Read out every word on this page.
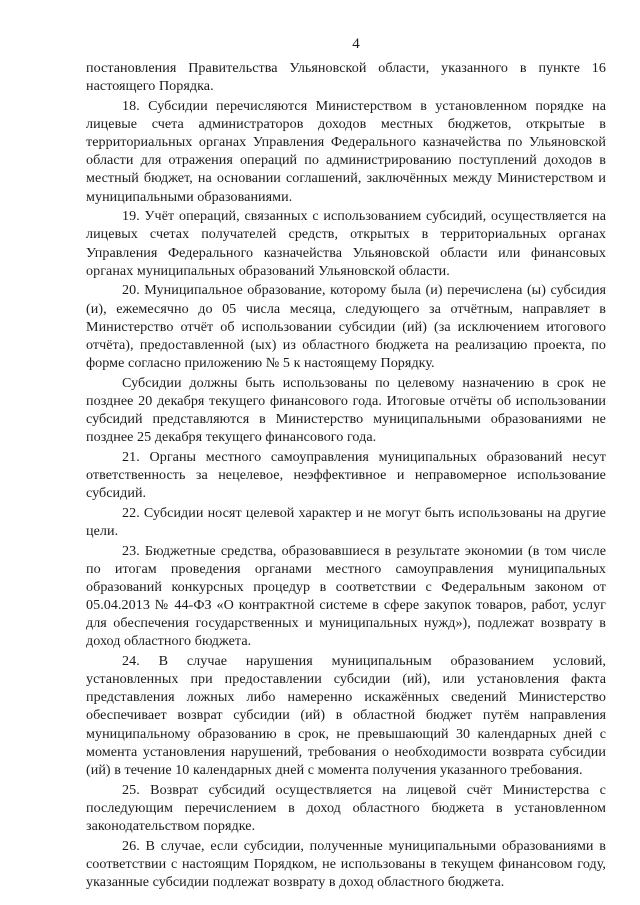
4

постановления Правительства Ульяновской области, указанного в пункте 16 настоящего Порядка.

18. Субсидии перечисляются Министерством в установленном порядке на лицевые счета администраторов доходов местных бюджетов, открытые в территориальных органах Управления Федерального казначейства по Ульяновской области для отражения операций по администрированию поступлений доходов в местный бюджет, на основании соглашений, заключённых между Министерством и муниципальными образованиями.

19. Учёт операций, связанных с использованием субсидий, осуществляется на лицевых счетах получателей средств, открытых в территориальных органах Управления Федерального казначейства Ульяновской области или финансовых органах муниципальных образований Ульяновской области.

20. Муниципальное образование, которому была (и) перечислена (ы) субсидия (и), ежемесячно до 05 числа месяца, следующего за отчётным, направляет в Министерство отчёт об использовании субсидии (ий) (за исключением итогового отчёта), предоставленной (ых) из областного бюджета на реализацию проекта, по форме согласно приложению № 5 к настоящему Порядку.

Субсидии должны быть использованы по целевому назначению в срок не позднее 20 декабря текущего финансового года. Итоговые отчёты об использовании субсидий представляются в Министерство муниципальными образованиями не позднее 25 декабря текущего финансового года.

21. Органы местного самоуправления муниципальных образований несут ответственность за нецелевое, неэффективное и неправомерное использование субсидий.

22. Субсидии носят целевой характер и не могут быть использованы на другие цели.

23. Бюджетные средства, образовавшиеся в результате экономии (в том числе по итогам проведения органами местного самоуправления муниципальных образований конкурсных процедур в соответствии с Федеральным законом от 05.04.2013 № 44-ФЗ «О контрактной системе в сфере закупок товаров, работ, услуг для обеспечения государственных и муниципальных нужд»), подлежат возврату в доход областного бюджета.

24. В случае нарушения муниципальным образованием условий, установленных при предоставлении субсидии (ий), или установления факта представления ложных либо намеренно искажённых сведений Министерство обеспечивает возврат субсидии (ий) в областной бюджет путём направления муниципальному образованию в срок, не превышающий 30 календарных дней с момента установления нарушений, требования о необходимости возврата субсидии (ий) в течение 10 календарных дней с момента получения указанного требования.

25. Возврат субсидий осуществляется на лицевой счёт Министерства с последующим перечислением в доход областного бюджета в установленном законодательством порядке.

26. В случае, если субсидии, полученные муниципальными образованиями в соответствии с настоящим Порядком, не использованы в текущем финансовом году, указанные субсидии подлежат возврату в доход областного бюджета.
